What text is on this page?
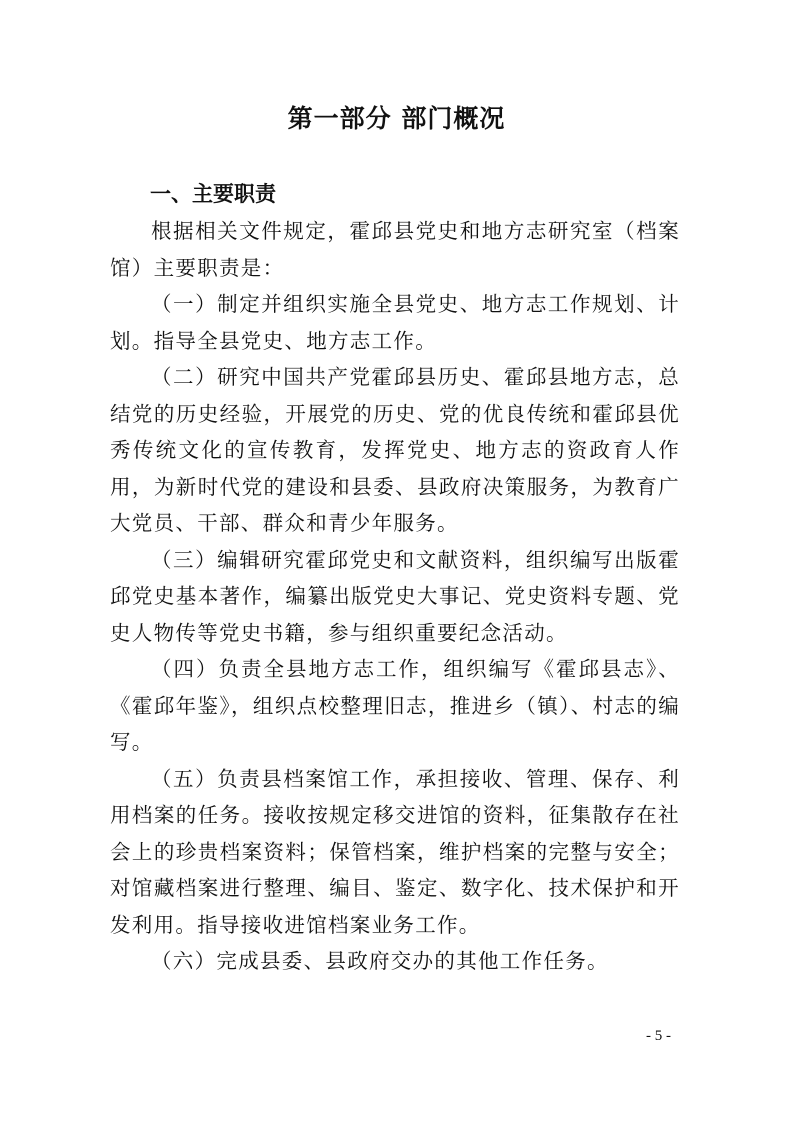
第一部分 部门概况
一、主要职责

根据相关文件规定，霍邱县党史和地方志研究室（档案馆）主要职责是：

（一）制定并组织实施全县党史、地方志工作规划、计划。指导全县党史、地方志工作。

（二）研究中国共产党霍邱县历史、霍邱县地方志，总结党的历史经验，开展党的历史、党的优良传统和霍邱县优秀传统文化的宣传教育，发挥党史、地方志的资政育人作用，为新时代党的建设和县委、县政府决策服务，为教育广大党员、干部、群众和青少年服务。

（三）编辑研究霍邱党史和文献资料，组织编写出版霍邱党史基本著作，编纂出版党史大事记、党史资料专题、党史人物传等党史书籍，参与组织重要纪念活动。

（四）负责全县地方志工作，组织编写《霍邱县志》、《霍邱年鉴》，组织点校整理旧志，推进乡（镇）、村志的编写。

（五）负责县档案馆工作，承担接收、管理、保存、利用档案的任务。接收按规定移交进馆的资料，征集散存在社会上的珍贵档案资料；保管档案，维护档案的完整与安全；对馆藏档案进行整理、编目、鉴定、数字化、技术保护和开发利用。指导接收进馆档案业务工作。

（六）完成县委、县政府交办的其他工作任务。

- 5 -
